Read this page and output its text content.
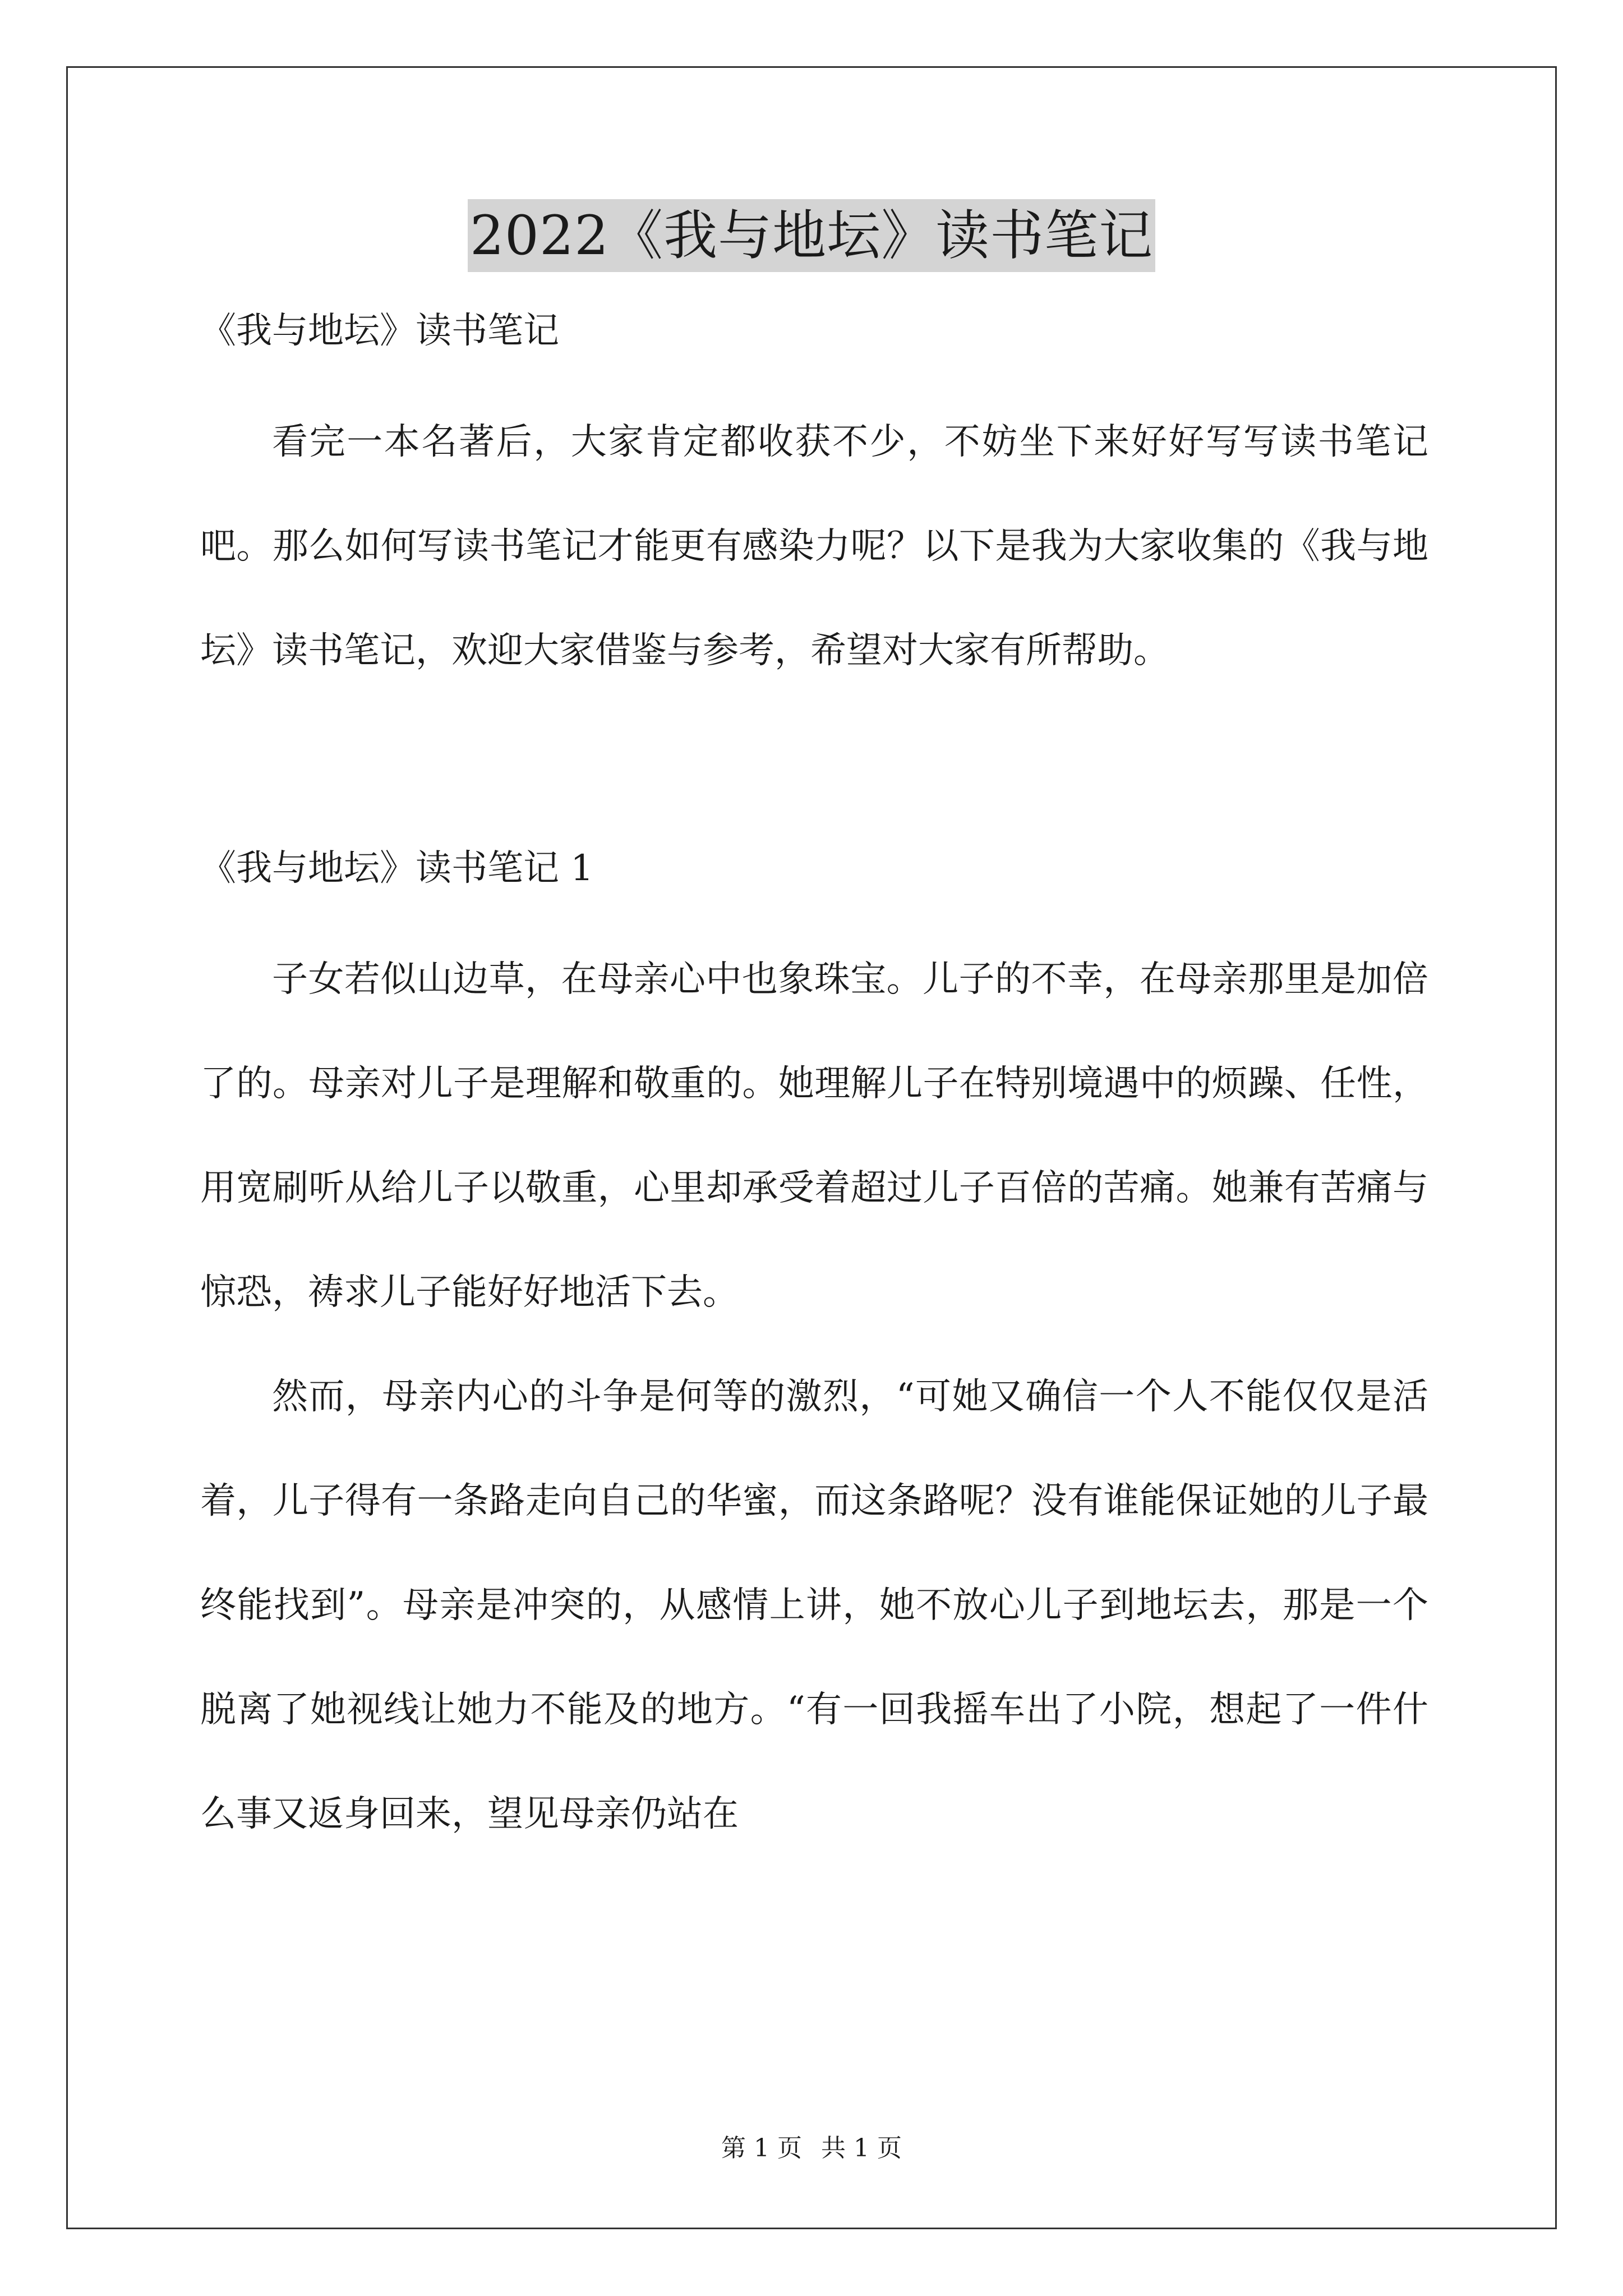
2022《我与地坛》读书笔记

《我与地坛》读书笔记

看完一本名著后，大家肯定都收获不少，不妨坐下来好好写写读书笔记吧。那么如何写读书笔记才能更有感染力呢？以下是我为大家收集的《我与地坛》读书笔记，欢迎大家借鉴与参考，希望对大家有所帮助。

《我与地坛》读书笔记 1

子女若似山边草，在母亲心中也象珠宝。儿子的不幸，在母亲那里是加倍了的。母亲对儿子是理解和敬重的。她理解儿子在特别境遇中的烦躁、任性，用宽刷听从给儿子以敬重，心里却承受着超过儿子百倍的苦痛。她兼有苦痛与惊恐，祷求儿子能好好地活下去。

然而，母亲内心的斗争是何等的激烈，“可她又确信一个人不能仅仅是活着，儿子得有一条路走向自己的华蜜，而这条路呢？没有谁能保证她的儿子最终能找到”。母亲是冲突的，从感情上讲，她不放心儿子到地坛去，那是一个脱离了她视线让她力不能及的地方。“有一回我摇车出了小院，想起了一件什么事又返身回来，望见母亲仍站在

第 1 页 共 1 页
